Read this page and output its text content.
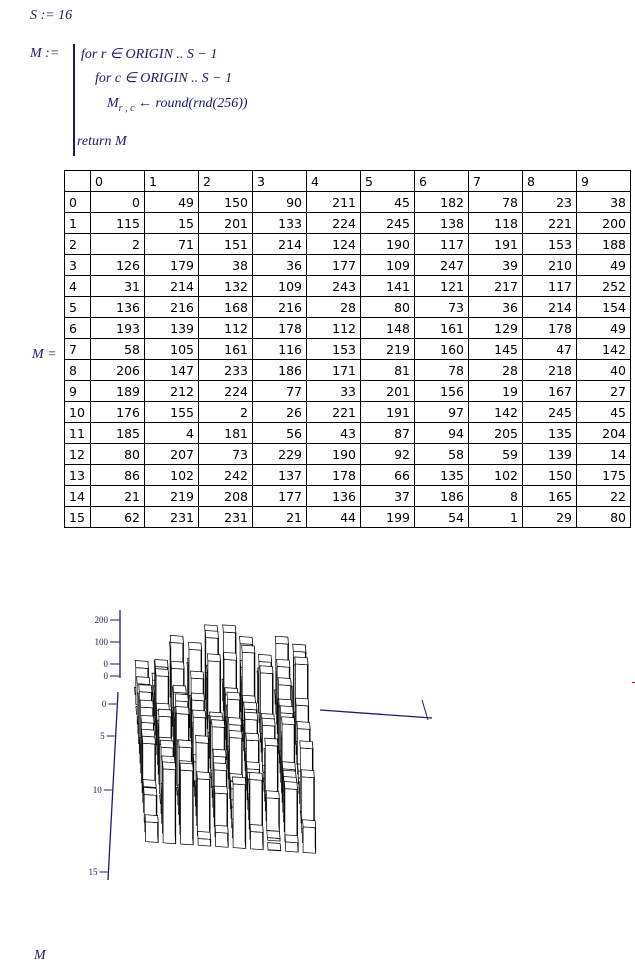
S := 16
M := for r ∈ ORIGIN .. S − 1
for c ∈ ORIGIN .. S − 1
$M_{r , c}$ ← round(rnd(256))
return M
M =
	0	1	2	3	4	5	6	7	8	9
0	0	49	150	90	211	45	182	78	23	38
1	115	15	201	133	224	245	138	118	221	200
2	2	71	151	214	124	190	117	191	153	188
3	126	179	38	36	177	109	247	39	210	49
4	31	214	132	109	243	141	121	217	117	252
5	136	216	168	216	28	80	73	36	214	154
6	193	139	112	178	112	148	161	129	178	49
7	58	105	161	116	153	219	160	145	47	142
8	206	147	233	186	171	81	78	28	218	40
9	189	212	224	77	33	201	156	19	167	27
10	176	155	2	26	221	191	97	142	245	45
11	185	4	181	56	43	87	94	205	135	204
12	80	207	73	229	190	92	58	59	139	14
13	86	102	242	137	178	66	135	102	150	175
14	21	219	208	177	136	37	186	8	165	22
15	62	231	231	21	44	199	54	1	29	80
200
100
0
0
0
5
10
15
M
